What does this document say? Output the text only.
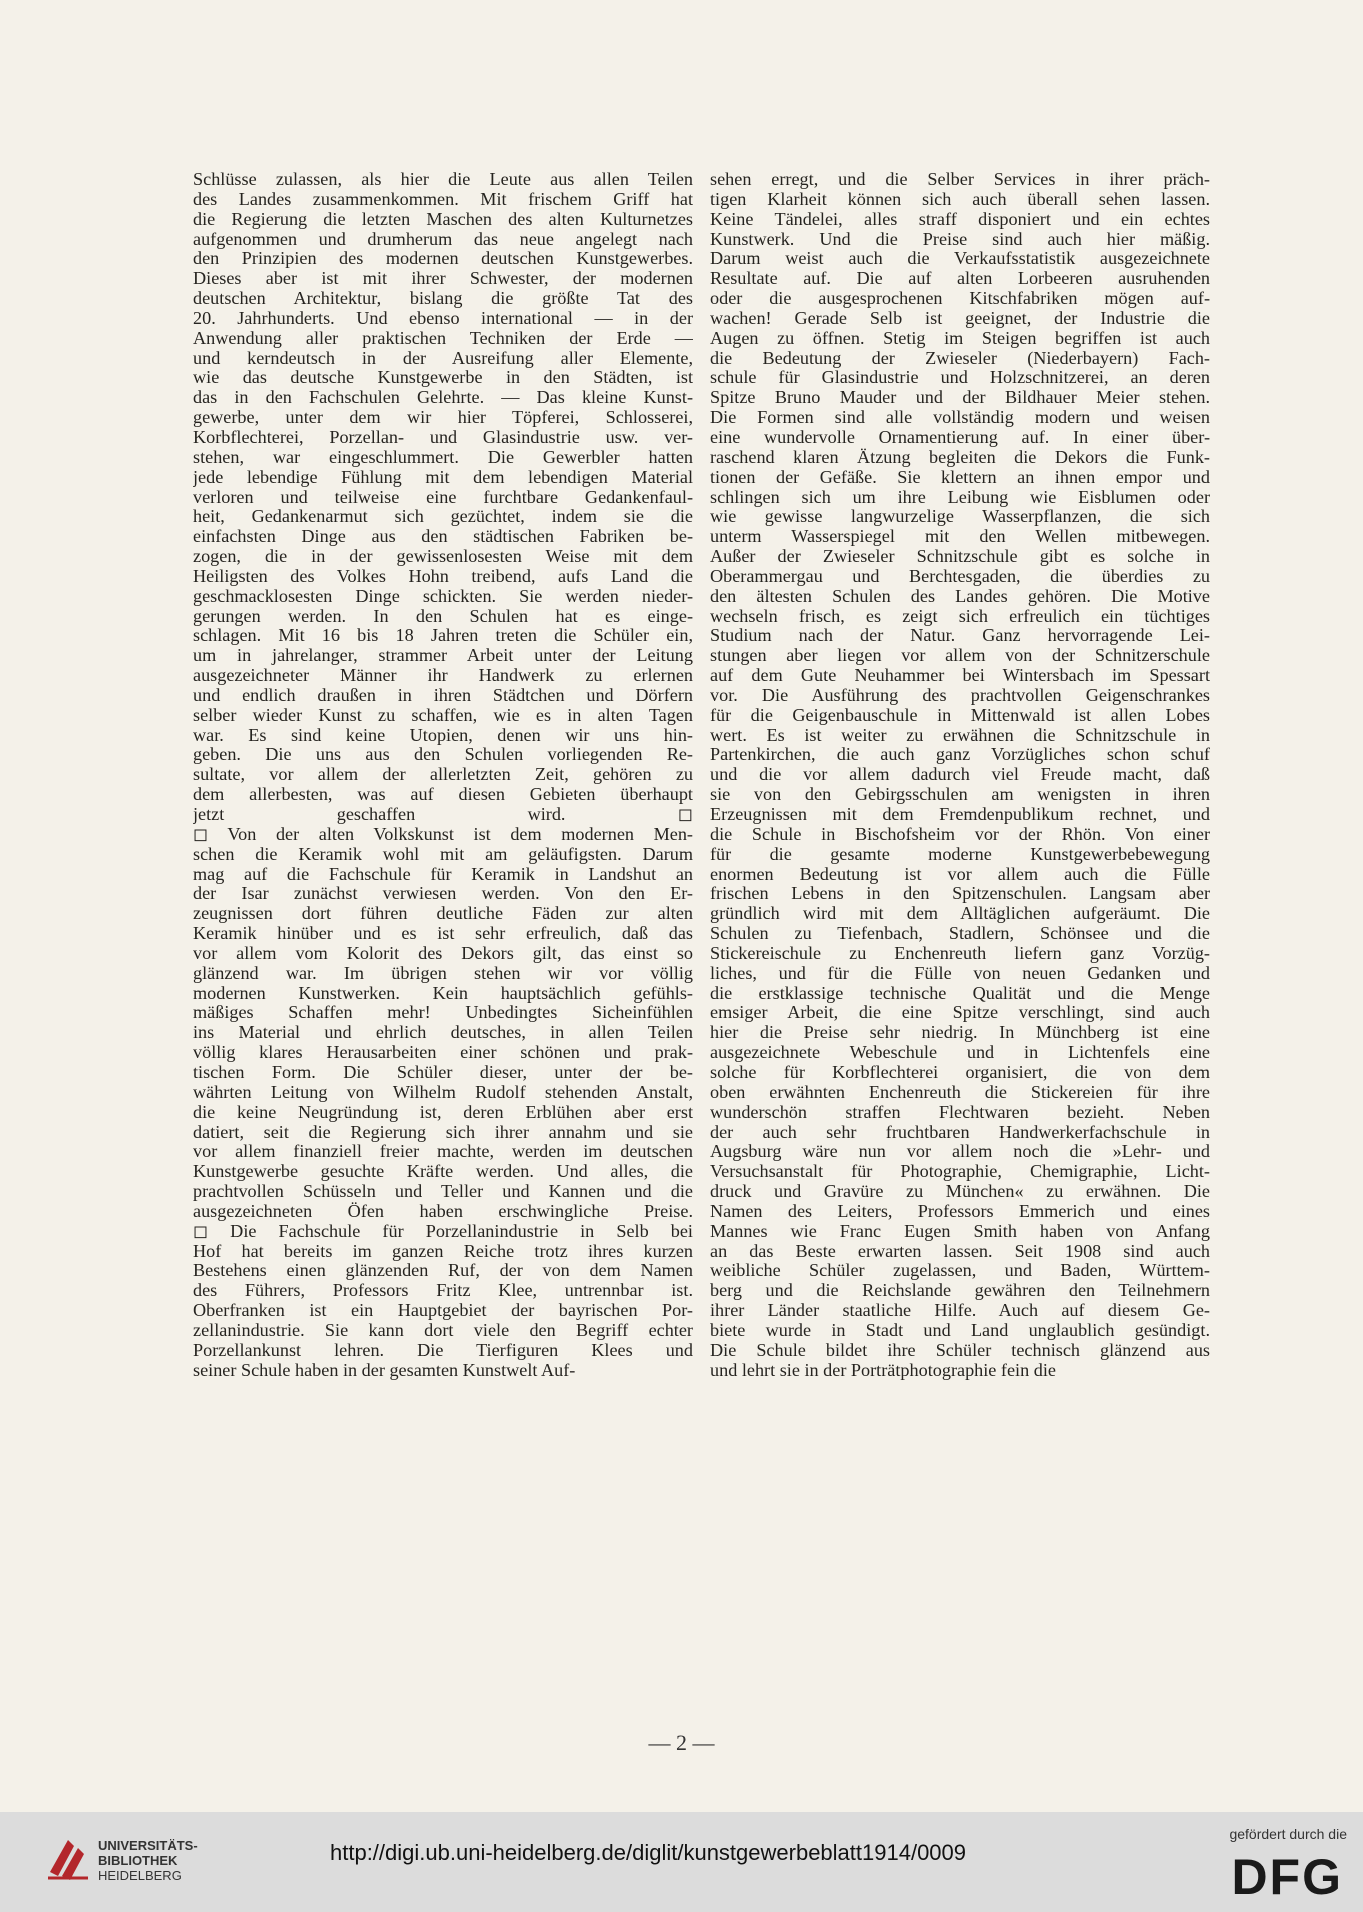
Schlüsse zulassen, als hier die Leute aus allen Teilen
des Landes zusammenkommen. Mit frischem Griff hat
die Regierung die letzten Maschen des alten Kulturnetzes
aufgenommen und drumherum das neue angelegt nach
den Prinzipien des modernen deutschen Kunstgewerbes.
Dieses aber ist mit ihrer Schwester, der modernen
deutschen Architektur, bislang die größte Tat des
20. Jahrhunderts. Und ebenso international — in der
Anwendung aller praktischen Techniken der Erde —
und kerndeutsch in der Ausreifung aller Elemente,
wie das deutsche Kunstgewerbe in den Städten, ist
das in den Fachschulen Gelehrte. — Das kleine Kunst-
gewerbe, unter dem wir hier Töpferei, Schlosserei,
Korbflechterei, Porzellan- und Glasindustrie usw. ver-
stehen, war eingeschlummert. Die Gewerbler hatten
jede lebendige Fühlung mit dem lebendigen Material
verloren und teilweise eine furchtbare Gedankenfaul-
heit, Gedankenarmut sich gezüchtet, indem sie die
einfachsten Dinge aus den städtischen Fabriken be-
zogen, die in der gewissenlosesten Weise mit dem
Heiligsten des Volkes Hohn treibend, aufs Land die
geschmacklosesten Dinge schickten. Sie werden nieder-
gerungen werden. In den Schulen hat es einge-
schlagen. Mit 16 bis 18 Jahren treten die Schüler ein,
um in jahrelanger, strammer Arbeit unter der Leitung
ausgezeichneter Männer ihr Handwerk zu erlernen
und endlich draußen in ihren Städtchen und Dörfern
selber wieder Kunst zu schaffen, wie es in alten Tagen
war. Es sind keine Utopien, denen wir uns hin-
geben. Die uns aus den Schulen vorliegenden Re-
sultate, vor allem der allerletzten Zeit, gehören zu
dem allerbesten, was auf diesen Gebieten überhaupt
jetzt geschaffen wird. ◻
◻ Von der alten Volkskunst ist dem modernen Men-
schen die Keramik wohl mit am geläufigsten. Darum
mag auf die Fachschule für Keramik in Landshut an
der Isar zunächst verwiesen werden. Von den Er-
zeugnissen dort führen deutliche Fäden zur alten
Keramik hinüber und es ist sehr erfreulich, daß das
vor allem vom Kolorit des Dekors gilt, das einst so
glänzend war. Im übrigen stehen wir vor völlig
modernen Kunstwerken. Kein hauptsächlich gefühls-
mäßiges Schaffen mehr! Unbedingtes Sicheinfühlen
ins Material und ehrlich deutsches, in allen Teilen
völlig klares Herausarbeiten einer schönen und prak-
tischen Form. Die Schüler dieser, unter der be-
währten Leitung von Wilhelm Rudolf stehenden Anstalt,
die keine Neugründung ist, deren Erblühen aber erst
datiert, seit die Regierung sich ihrer annahm und sie
vor allem finanziell freier machte, werden im deutschen
Kunstgewerbe gesuchte Kräfte werden. Und alles, die
prachtvollen Schüsseln und Teller und Kannen und die
ausgezeichneten Öfen haben erschwingliche Preise.
◻ Die Fachschule für Porzellanindustrie in Selb bei
Hof hat bereits im ganzen Reiche trotz ihres kurzen
Bestehens einen glänzenden Ruf, der von dem Namen
des Führers, Professors Fritz Klee, untrennbar ist.
Oberfranken ist ein Hauptgebiet der bayrischen Por-
zellanindustrie. Sie kann dort viele den Begriff echter
Porzellankunst lehren. Die Tierfiguren Klees und
seiner Schule haben in der gesamten Kunstwelt Auf-
sehen erregt, und die Selber Services in ihrer präch-
tigen Klarheit können sich auch überall sehen lassen.
Keine Tändelei, alles straff disponiert und ein echtes
Kunstwerk. Und die Preise sind auch hier mäßig.
Darum weist auch die Verkaufsstatistik ausgezeichnete
Resultate auf. Die auf alten Lorbeeren ausruhenden
oder die ausgesprochenen Kitschfabriken mögen auf-
wachen! Gerade Selb ist geeignet, der Industrie die
Augen zu öffnen. Stetig im Steigen begriffen ist auch
die Bedeutung der Zwieseler (Niederbayern) Fach-
schule für Glasindustrie und Holzschnitzerei, an deren
Spitze Bruno Mauder und der Bildhauer Meier stehen.
Die Formen sind alle vollständig modern und weisen
eine wundervolle Ornamentierung auf. In einer über-
raschend klaren Ätzung begleiten die Dekors die Funk-
tionen der Gefäße. Sie klettern an ihnen empor und
schlingen sich um ihre Leibung wie Eisblumen oder
wie gewisse langwurzelige Wasserpflanzen, die sich
unterm Wasserspiegel mit den Wellen mitbewegen.
Außer der Zwieseler Schnitzschule gibt es solche in
Oberammergau und Berchtesgaden, die überdies zu
den ältesten Schulen des Landes gehören. Die Motive
wechseln frisch, es zeigt sich erfreulich ein tüchtiges
Studium nach der Natur. Ganz hervorragende Lei-
stungen aber liegen vor allem von der Schnitzerschule
auf dem Gute Neuhammer bei Wintersbach im Spessart
vor. Die Ausführung des prachtvollen Geigenschrankes
für die Geigenbauschule in Mittenwald ist allen Lobes
wert. Es ist weiter zu erwähnen die Schnitzschule in
Partenkirchen, die auch ganz Vorzügliches schon schuf
und die vor allem dadurch viel Freude macht, daß
sie von den Gebirgsschulen am wenigsten in ihren
Erzeugnissen mit dem Fremdenpublikum rechnet, und
die Schule in Bischofsheim vor der Rhön. Von einer
für die gesamte moderne Kunstgewerbebewegung
enormen Bedeutung ist vor allem auch die Fülle
frischen Lebens in den Spitzenschulen. Langsam aber
gründlich wird mit dem Alltäglichen aufgeräumt. Die
Schulen zu Tiefenbach, Stadlern, Schönsee und die
Stickereischule zu Enchenreuth liefern ganz Vorzüg-
liches, und für die Fülle von neuen Gedanken und
die erstklassige technische Qualität und die Menge
emsiger Arbeit, die eine Spitze verschlingt, sind auch
hier die Preise sehr niedrig. In Münchberg ist eine
ausgezeichnete Webeschule und in Lichtenfels eine
solche für Korbflechterei organisiert, die von dem
oben erwähnten Enchenreuth die Stickereien für ihre
wunderschön straffen Flechtwaren bezieht. Neben
der auch sehr fruchtbaren Handwerkerfachschule in
Augsburg wäre nun vor allem noch die »Lehr- und
Versuchsanstalt für Photographie, Chemigraphie, Licht-
druck und Gravüre zu München« zu erwähnen. Die
Namen des Leiters, Professors Emmerich und eines
Mannes wie Franc Eugen Smith haben von Anfang
an das Beste erwarten lassen. Seit 1908 sind auch
weibliche Schüler zugelassen, und Baden, Württem-
berg und die Reichslande gewähren den Teilnehmern
ihrer Länder staatliche Hilfe. Auch auf diesem Ge-
biete wurde in Stadt und Land unglaublich gesündigt.
Die Schule bildet ihre Schüler technisch glänzend aus
und lehrt sie in der Porträtphotographie fein die
— 2 —
UNIVERSITÄTS-
BIBLIOTHEK
HEIDELBERG
http://digi.ub.uni-heidelberg.de/diglit/kunstgewerbeblatt1914/0009
gefördert durch die
DFG
